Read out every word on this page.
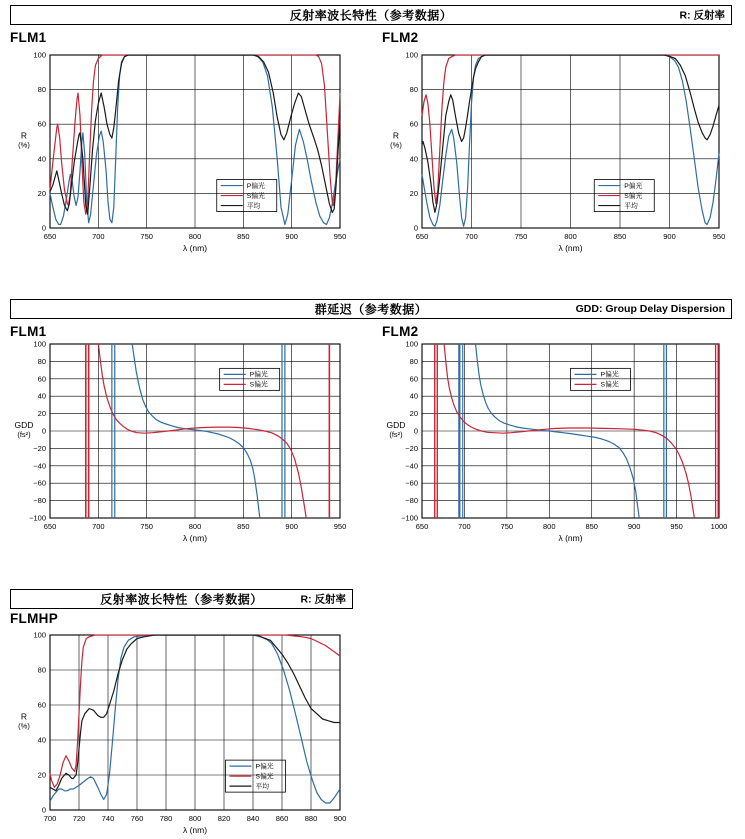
反射率波长特性（参考数据）	R: 反射率
FLM1	FLM2
650	700	750	800	850	900	950
0
20
40
60
80
100
λ (nm)
R
(%)
P偏光
S偏光
平均
650	700	750	800	850	900	950
0
20
40
60
80
100
λ (nm)
R
(%)
P偏光
S偏光
平均
群延迟（参考数据）	GDD: Group Delay Dispersion
FLM1	FLM2
650	700	750	800	850	900	950
−100
−80
−60
−40
−20
0
20
40
60
80
100
λ (nm)
GDD
(fs²)
P偏光
S偏光
650	700	750	800	850	900	950	1000
−100
−80
−60
−40
−20
0
20
40
60
80
100
λ (nm)
GDD
(fs²)
P偏光
S偏光
反射率波长特性（参考数据）	R: 反射率
FLMHP
700 720 740 760 780 800 820 840 860 880 900
0
20
40
60
80
100
λ (nm)
R
(%)
P偏光
S偏光
平均
